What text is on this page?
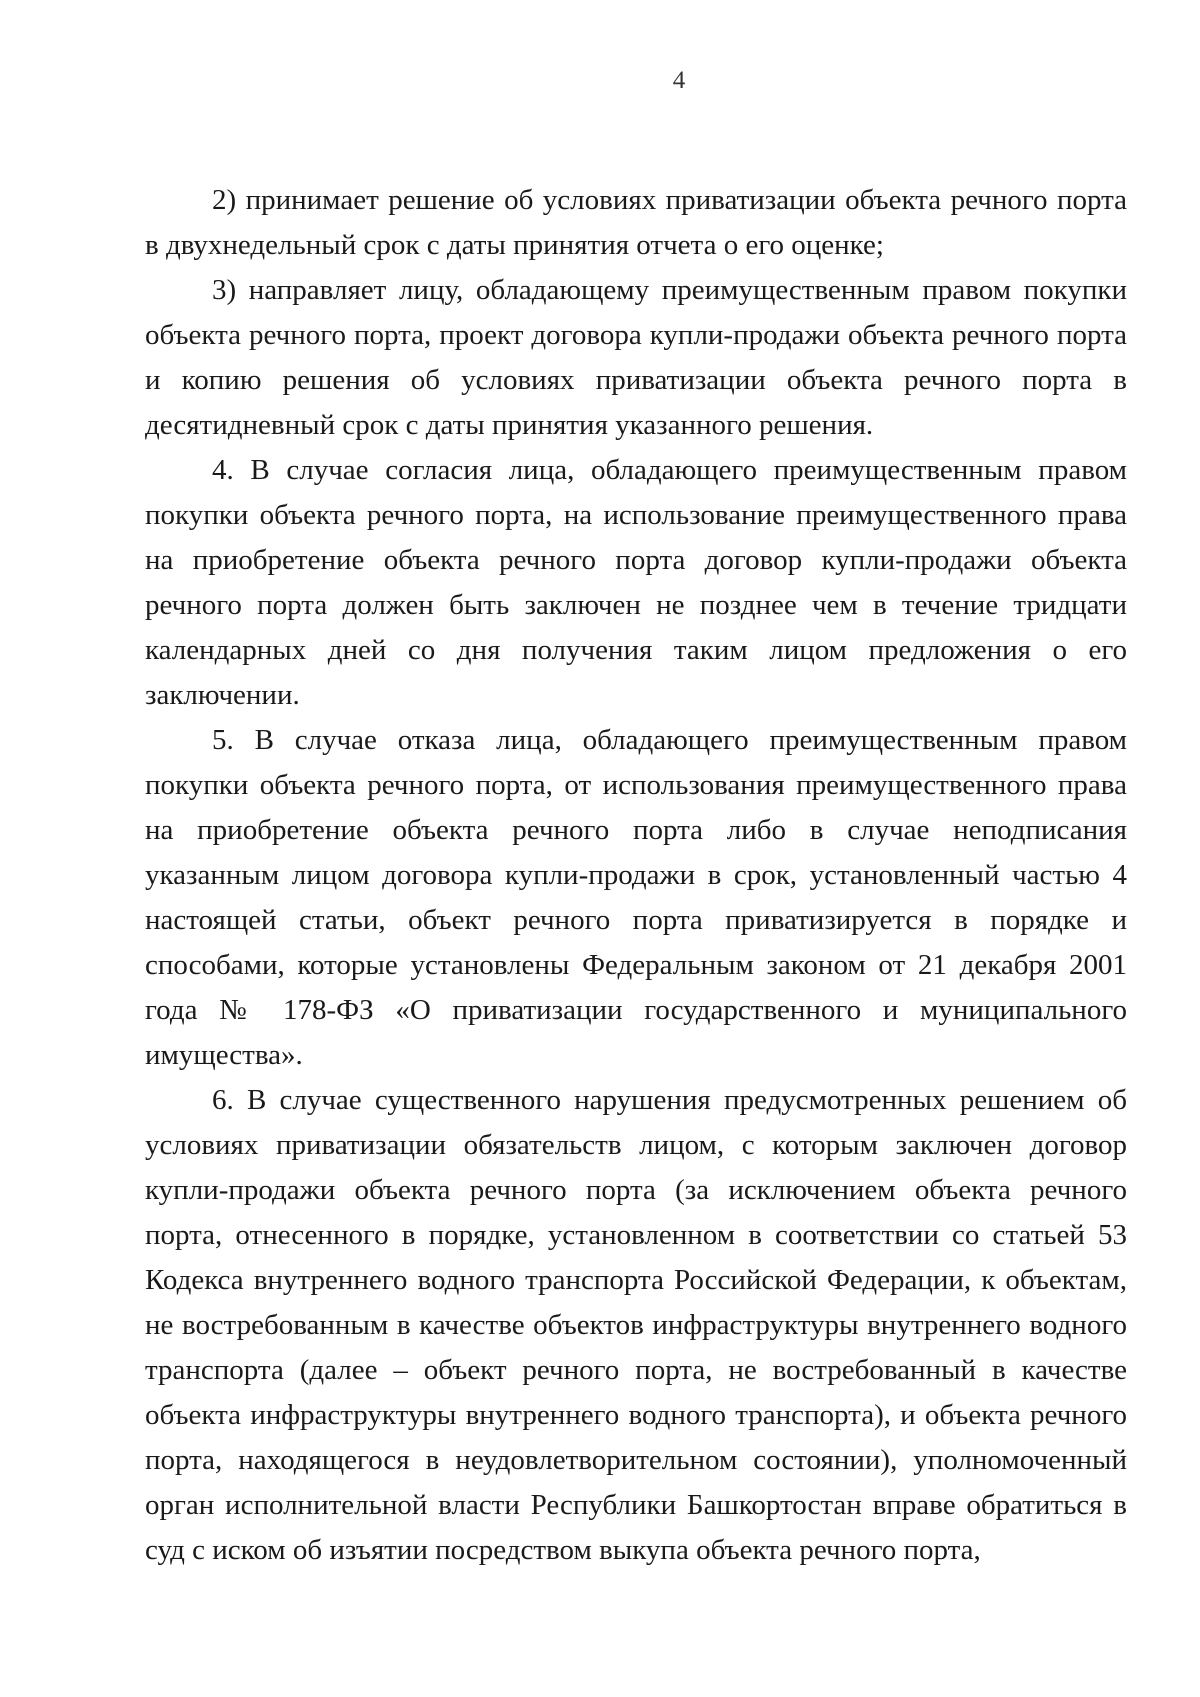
4

2) принимает решение об условиях приватизации объекта речного порта в двухнедельный срок с даты принятия отчета о его оценке;

3) направляет лицу, обладающему преимущественным правом покупки объекта речного порта, проект договора купли-продажи объекта речного порта и копию решения об условиях приватизации объекта речного порта в десятидневный срок с даты принятия указанного решения.

4. В случае согласия лица, обладающего преимущественным правом покупки объекта речного порта, на использование преимущественного права на приобретение объекта речного порта договор купли-продажи объекта речного порта должен быть заключен не позднее чем в течение тридцати календарных дней со дня получения таким лицом предложения о его заключении.

5. В случае отказа лица, обладающего преимущественным правом покупки объекта речного порта, от использования преимущественного права на приобретение объекта речного порта либо в случае неподписания указанным лицом договора купли-продажи в срок, установленный частью 4 настоящей статьи, объект речного порта приватизируется в порядке и способами, которые установлены Федеральным законом от 21 декабря 2001 года № 178-ФЗ «О приватизации государственного и муниципального имущества».

6. В случае существенного нарушения предусмотренных решением об условиях приватизации обязательств лицом, с которым заключен договор купли-продажи объекта речного порта (за исключением объекта речного порта, отнесенного в порядке, установленном в соответствии со статьей 53 Кодекса внутреннего водного транспорта Российской Федерации, к объектам, не востребованным в качестве объектов инфраструктуры внутреннего водного транспорта (далее – объект речного порта, не востребованный в качестве объекта инфраструктуры внутреннего водного транспорта), и объекта речного порта, находящегося в неудовлетворительном состоянии), уполномоченный орган исполнительной власти Республики Башкортостан вправе обратиться в суд с иском об изъятии посредством выкупа объекта речного порта,
